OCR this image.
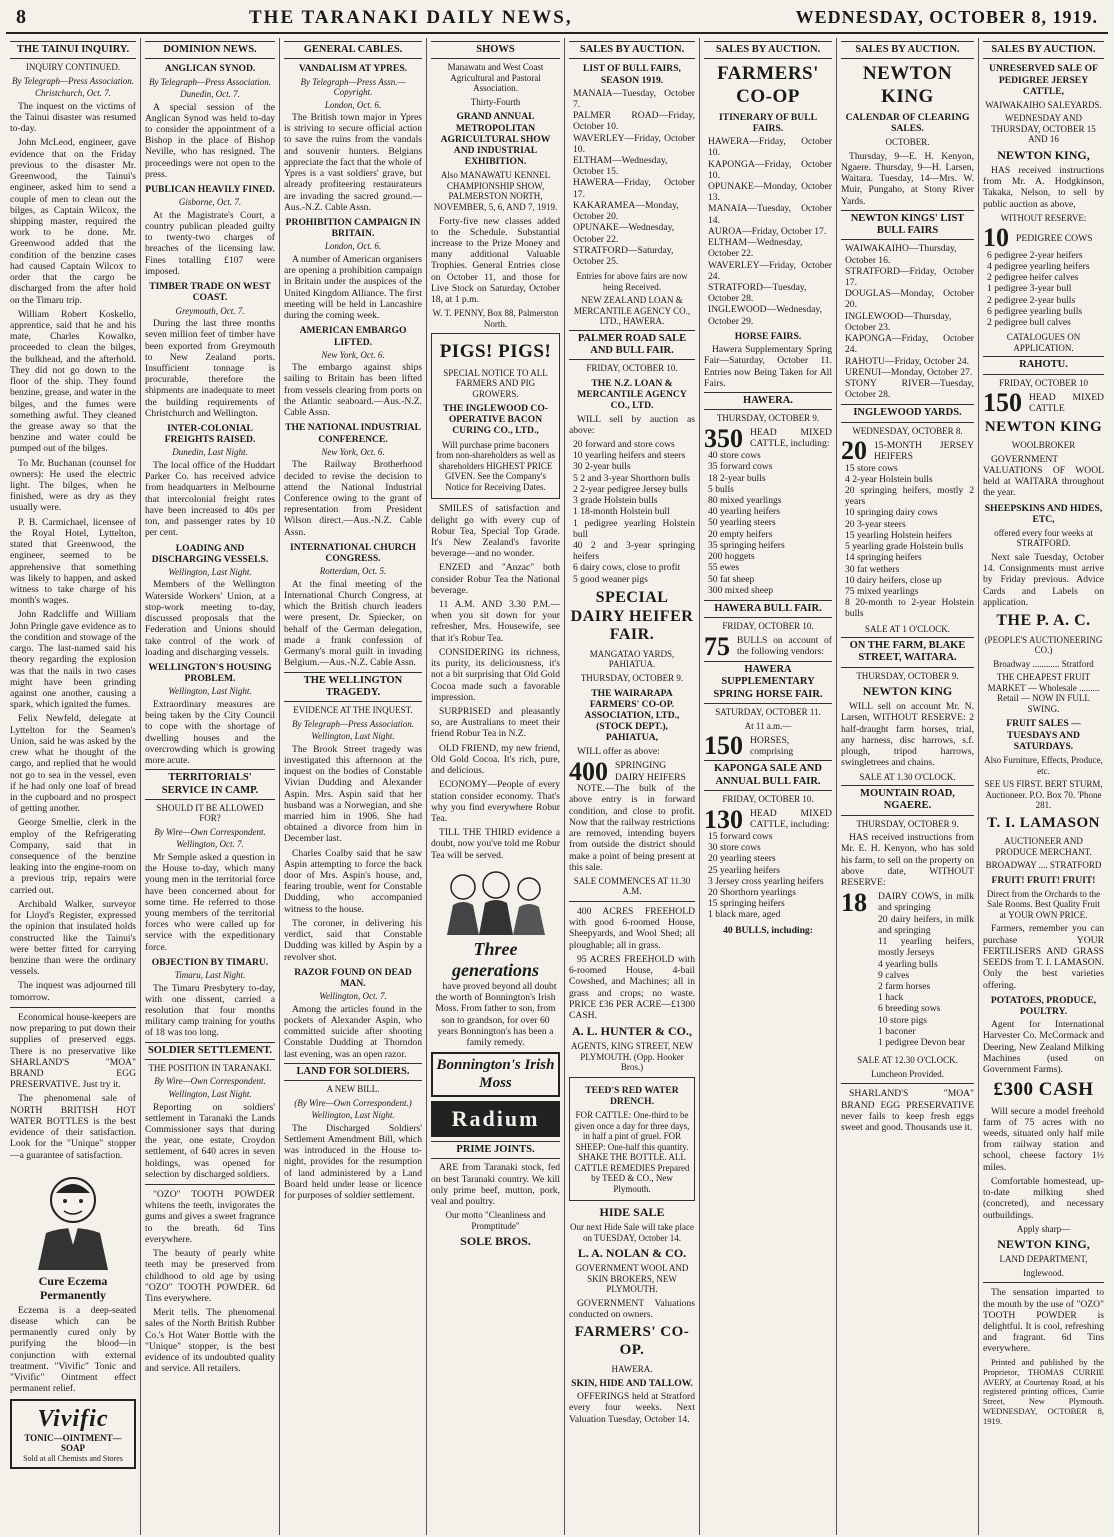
8	THE TARANAKI DAILY NEWS,	WEDNESDAY, OCTOBER 8, 1919.
THE TAINUI INQUIRY.
INQUIRY CONTINUED.
By Telegraph—Press Association.
Christchurch, Oct. 7.

The inquest on the victims of the Tainui disaster was resumed to-day.

John McLeod, engineer, gave evidence that on the Friday previous to the disaster Mr. Greenwood, the Tainui's engineer, asked him to send a couple of men to clean out the bilges, as Captain Wilcox, the shipping master, required the work to be done. Mr. Greenwood added that the condition of the benzine cases had caused Captain Wilcox to order that the cargo be discharged from the after hold on the Timaru trip.

William Robert Koskello, apprentice, said that he and his mate, Charles Kowalko, proceeded to clean the bilges, the bulkhead, and the afterhold. They did not go down to the floor of the ship. They found benzine, grease, and water in the bilges, and the fumes were something awful. They cleaned the grease away so that the benzine and water could be pumped out of the bilges.

To Mr. Buchanan (counsel for owners): He used the electric light. The bilges, when he finished, were as dry as they usually were.

P. B. Carmichael, licensee of the Royal Hotel, Lyttelton, stated that Greenwood, the engineer, seemed to be apprehensive that something was likely to happen, and asked witness to take charge of his month's wages.

John Radcliffe and William John Pringle gave evidence as to the condition and stowage of the cargo. The last-named said his theory regarding the explosion was that the nails in two cases might have been grinding against one another, causing a spark, which ignited the fumes.

Felix Newfeld, delegate at Lyttelton for the Seamen's Union, said he was asked by the crew what he thought of the cargo, and replied that he would not go to sea in the vessel, even if he had only one loaf of bread in the cupboard and no prospect of getting another.

George Smellie, clerk in the employ of the Refrigerating Company, said that in consequence of the benzine leaking into the engine-room on a previous trip, repairs were carried out.

Archibald Walker, surveyor for Lloyd's Register, expressed the opinion that insulated holds constructed like the Tainui's were better fitted for carrying benzine than were the ordinary vessels.

The inquest was adjourned till tomorrow.

Economical house-keepers are now preparing to put down their supplies of preserved eggs. There is no preservative like SHARLAND'S "MOA" BRAND EGG PRESERVATIVE. Just try it.

The phenomenal sale of NORTH BRITISH HOT WATER BOTTLES is the best evidence of their satisfaction. Look for the "Unique" stopper—a guarantee of satisfaction.

Cure Eczema Permanently

Eczema is a deep-seated disease which can be permanently cured only by purifying the blood—in conjunction with external treatment. "Vivific" Tonic and "Vivific" Ointment effect permanent relief.

Vivific
TONIC—OINTMENT—SOAP
Sold at all Chemists and Stores
DOMINION NEWS.
ANGLICAN SYNOD.
By Telegraph—Press Association.
Dunedin, Oct. 7.

A special session of the Anglican Synod was held to-day to consider the appointment of a Bishop in the place of Bishop Neville, who has resigned. The proceedings were not open to the press.

PUBLICAN HEAVILY FINED.
Gisborne, Oct. 7.

At the Magistrate's Court, a country publican pleaded guilty to twenty-two charges of breaches of the licensing law. Fines totalling £107 were imposed.

TIMBER TRADE ON WEST COAST.
Greymouth, Oct. 7.

During the last three months seven million feet of timber have been exported from Greymouth to New Zealand ports. Insufficient tonnage is procurable, therefore the shipments are inadequate to meet the building requirements of Christchurch and Wellington.

INTER-COLONIAL FREIGHTS RAISED.
Dunedin, Last Night.

The local office of the Huddart Parker Co. has received advice from headquarters in Melbourne that intercolonial freight rates have been increased to 40s per ton, and passenger rates by 10 per cent.

LOADING AND DISCHARGING VESSELS.
Wellington, Last Night.

Members of the Wellington Waterside Workers' Union, at a stop-work meeting to-day, discussed proposals that the Federation and Unions should take control of the work of loading and discharging vessels.

WELLINGTON'S HOUSING PROBLEM.
Wellington, Last Night.

Extraordinary measures are being taken by the City Council to cope with the shortage of dwelling houses and the overcrowding which is growing more acute.

TERRITORIALS' SERVICE IN CAMP.
SHOULD IT BE ALLOWED FOR?
By Wire—Own Correspondent.
Wellington, Oct. 7.

Mr Semple asked a question in the House to-day, which many young men in the territorial force have been concerned about for some time. He referred to those young members of the territorial forces who were called up for service with the expeditionary force.

OBJECTION BY TIMARU.
Timaru, Last Night.

The Timaru Presbytery to-day, with one dissent, carried a resolution that four months military camp training for youths of 18 was too long.

SOLDIER SETTLEMENT.
THE POSITION IN TARANAKI.
By Wire—Own Correspondent.
Wellington, Last Night.

Reporting on soldiers' settlement in Taranaki the Lands Commissioner says that during the year, one estate, Croydon settlement, of 640 acres in seven holdings, was opened for selection by discharged soldiers.

"OZO" TOOTH POWDER whitens the teeth, invigorates the gums and gives a sweet fragrance to the breath. 6d Tins everywhere.

The beauty of pearly white teeth may be preserved from childhood to old age by using "OZO" TOOTH POWDER. 6d Tins everywhere.

Merit tells. The phenomenal sales of the North British Rubber Co.'s Hot Water Bottle with the "Unique" stopper, is the best evidence of its undoubted quality and service. All retailers.

GENERAL CABLES.
VANDALISM AT YPRES.
By Telegraph—Press Assn.—Copyright.
London, Oct. 6.

The British town major in Ypres is striving to secure official action to save the ruins from the vandals and souvenir hunters. Belgians appreciate the fact that the whole of Ypres is a vast soldiers' grave, but already profiteering restaurateurs are invading the sacred ground.—Aus.-N.Z. Cable Assn.

PROHIBITION CAMPAIGN IN BRITAIN.
London, Oct. 6.

A number of American organisers are opening a prohibition campaign in Britain under the auspices of the United Kingdom Alliance. The first meeting will be held in Lancashire during the coming week.

AMERICAN EMBARGO LIFTED.
New York, Oct. 6.

The embargo against ships sailing to Britain has been lifted from vessels clearing from ports on the Atlantic seaboard.—Aus.-N.Z. Cable Assn.

THE NATIONAL INDUSTRIAL CONFERENCE.
New York, Oct. 6.

The Railway Brotherhood decided to revise the decision to attend the National Industrial Conference owing to the grant of representation from President Wilson direct.—Aus.-N.Z. Cable Assn.

INTERNATIONAL CHURCH CONGRESS.
Rotterdam, Oct. 5.

At the final meeting of the International Church Congress, at which the British church leaders were present, Dr. Spiecker, on behalf of the German delegation, made a frank confession of Germany's moral guilt in invading Belgium.—Aus.-N.Z. Cable Assn.

THE WELLINGTON TRAGEDY.
EVIDENCE AT THE INQUEST.
By Telegraph—Press Association.
Wellington, Last Night.

The Brook Street tragedy was investigated this afternoon at the inquest on the bodies of Constable Vivian Dudding and Alexander Aspin. Mrs. Aspin said that her husband was a Norwegian, and she married him in 1906. She had obtained a divorce from him in December last.

Charles Coalby said that he saw Aspin attempting to force the back door of Mrs. Aspin's house, and, fearing trouble, went for Constable Dudding, who accompanied witness to the house.

The coroner, in delivering his verdict, said that Constable Dudding was killed by Aspin by a revolver shot.

RAZOR FOUND ON DEAD MAN.
Wellington, Oct. 7.

Among the articles found in the pockets of Alexander Aspin, who committed suicide after shooting Constable Dudding at Thorndon last evening, was an open razor.

LAND FOR SOLDIERS.
A NEW BILL.
(By Wire—Own Correspondent.)
Wellington, Last Night.

The Discharged Soldiers' Settlement Amendment Bill, which was introduced in the House to-night, provides for the resumption of land administered by a Land Board held under lease or licence for purposes of soldier settlement.

SHOWS
Manawatu and West Coast Agricultural and Pastoral Association.
Thirty-Fourth
GRAND ANNUAL METROPOLITAN AGRICULTURAL SHOW AND INDUSTRIAL EXHIBITION.
Also MANAWATU KENNEL CHAMPIONSHIP SHOW, PALMERSTON NORTH, NOVEMBER, 5, 6, AND 7, 1919.

Forty-five new classes added to the Schedule. Substantial increase to the Prize Money and many additional Valuable Trophies. General Entries close on October 11, and those for Live Stock on Saturday, October 18, at 1 p.m.

W. T. PENNY, Box 88, Palmerston North.
PIGS! PIGS!
SPECIAL NOTICE TO ALL FARMERS AND PIG GROWERS.
THE INGLEWOOD CO-OPERATIVE BACON CURING CO., LTD.,
Will purchase prime baconers from non-shareholders as well as shareholders HIGHEST PRICE GIVEN. See the Company's Notice for Receiving Dates.

SMILES of satisfaction and delight go with every cup of Robur Tea, Special Top Grade. It's New Zealand's favorite beverage—and no wonder.

ENZED and "Anzac" both consider Robur Tea the National beverage.

11 A.M. AND 3.30 P.M.—when you sit down for your refresher, Mrs. Housewife, see that it's Robur Tea.

CONSIDERING its richness, its purity, its deliciousness, it's not a bit surprising that Old Gold Cocoa made such a favorable impression.

SURPRISED and pleasantly so, are Australians to meet their friend Robur Tea in N.Z.

OLD FRIEND, my new friend, Old Gold Cocoa. It's rich, pure, and delicious.

ECONOMY—People of every station consider economy. That's why you find everywhere Robur Tea.

TILL THE THIRD evidence a doubt, now you've told me Robur Tea will be served.

Three generations

have proved beyond all doubt the worth of Bonnington's Irish Moss. From father to son, from son to grandson, for over 60 years Bonnington's has been a family remedy.

Bonnington's Irish Moss
Radium
PRIME JOINTS.

ARE from Taranaki stock, fed on best Taranaki country. We kill only prime beef, mutton, pork, veal and poultry.

Our motto "Cleanliness and Promptitude"
SOLE BROS.
SALES BY AUCTION.
LIST OF BULL FAIRS, SEASON 1919.
MANAIA—Tuesday, October 7.
PALMER ROAD—Friday, October 10.
WAVERLEY—Friday, October 10.
ELTHAM—Wednesday, October 15.
HAWERA—Friday, October 17.
KAKARAMEA—Monday, October 20.
OPUNAKE—Wednesday, October 22.
STRATFORD—Saturday, October 25.
Entries for above fairs are now being Received.
NEW ZEALAND LOAN & MERCANTILE AGENCY CO., LTD., HAWERA.
PALMER ROAD SALE AND BULL FAIR.
FRIDAY, OCTOBER 10.
THE N.Z. LOAN & MERCANTILE AGENCY CO., LTD.

WILL sell by auction as above:

20 forward and store cows
10 yearling heifers and steers
30 2-year bulls
5 2 and 3-year Shorthorn bulls
2 2-year pedigree Jersey bulls
3 grade Holstein bulls
1 18-month Holstein bull
1 pedigree yearling Holstein bull
40 2 and 3-year springing heifers
6 dairy cows, close to profit
5 good weaner pigs
SPECIAL DAIRY HEIFER FAIR.
MANGATAO YARDS, PAHIATUA.
THURSDAY, OCTOBER 9.
THE WAIRARAPA FARMERS' CO-OP. ASSOCIATION, LTD., (STOCK DEPT.), PAHIATUA,

WILL offer as above:

400 SPRINGING DAIRY HEIFERS

NOTE.—The bulk of the above entry is in forward condition, and close to profit. Now that the railway restrictions are removed, intending buyers from outside the district should make a point of being present at this sale.

SALE COMMENCES AT 11.30 A.M.

400 ACRES FREEHOLD with good 6-roomed House, Sheepyards, and Wool Shed; all ploughable; all in grass.

95 ACRES FREEHOLD with 6-roomed House, 4-bail Cowshed, and Machines; all in grass and crops; no waste. PRICE £36 PER ACRE—£1300 CASH.

A. L. HUNTER & CO.,
AGENTS, KING STREET, NEW PLYMOUTH. (Opp. Hooker Bros.)
TEED'S RED WATER DRENCH.
FOR CATTLE: One-third to be given once a day for three days, in half a pint of gruel. FOR SHEEP: One-half this quantity. SHAKE THE BOTTLE. ALL CATTLE REMEDIES Prepared by TEED & CO., New Plymouth.
HIDE SALE
Our next Hide Sale will take place on TUESDAY, October 14.
L. A. NOLAN & CO.
GOVERNMENT WOOL AND SKIN BROKERS, NEW PLYMOUTH.

GOVERNMENT Valuations conducted on owners.

FARMERS' CO-OP.
HAWERA.
SKIN, HIDE AND TALLOW.

OFFERINGS held at Stratford every four weeks. Next Valuation Tuesday, October 14.

SALES BY AUCTION.
FARMERS' CO-OP
ITINERARY OF BULL FAIRS.
HAWERA—Friday, October 10.
KAPONGA—Friday, October 10.
OPUNAKE—Monday, October 13.
MANAIA—Tuesday, October 14.
AUROA—Friday, October 17.
ELTHAM—Wednesday, October 22.
WAVERLEY—Friday, October 24.
STRATFORD—Tuesday, October 28.
INGLEWOOD—Wednesday, October 29.
HORSE FAIRS.

Hawera Supplementary Spring Fair—Saturday, October 11. Entries now Being Taken for All Fairs.

HAWERA.
THURSDAY, OCTOBER 9.
350 HEAD MIXED CATTLE, including:
40 store cows
35 forward cows
18 2-year bulls
5 bulls
80 mixed yearlings
40 yearling heifers
50 yearling steers
20 empty heifers
35 springing heifers
200 hoggets
55 ewes
50 fat sheep
300 mixed sheep
HAWERA BULL FAIR.
FRIDAY, OCTOBER 10.
75 BULLS on account of the following vendors:
HAWERA SUPPLEMENTARY SPRING HORSE FAIR.
SATURDAY, OCTOBER 11.
At 11 a.m.—
150 HORSES, comprising
KAPONGA SALE AND ANNUAL BULL FAIR.
FRIDAY, OCTOBER 10.
130 HEAD MIXED CATTLE, including:
15 forward cows
30 store cows
20 yearling steers
25 yearling heifers
3 Jersey cross yearling heifers
20 Shorthorn yearlings
15 springing heifers
1 black mare, aged
40 BULLS, including:
SALES BY AUCTION.
NEWTON KING
CALENDAR OF CLEARING SALES.
OCTOBER.

Thursday, 9—E. H. Kenyon, Ngaere. Thursday, 9—H. Larsen, Waitara. Tuesday, 14—Mrs. W. Muir, Pungaho, at Stony River Yards.

NEWTON KINGS' LIST BULL FAIRS
WAIWAKAIHO—Thursday, October 16.
STRATFORD—Friday, October 17.
DOUGLAS—Monday, October 20.
INGLEWOOD—Thursday, October 23.
KAPONGA—Friday, October 24.
RAHOTU—Friday, October 24.
URENUI—Monday, October 27.
STONY RIVER—Tuesday, October 28.
INGLEWOOD YARDS.
WEDNESDAY, OCTOBER 8.
20 15-MONTH JERSEY HEIFERS
15 store cows
4 2-year Holstein bulls
20 springing heifers, mostly 2 years
10 springing dairy cows
20 3-year steers
15 yearling Holstein heifers
5 yearling grade Holstein bulls
14 springing heifers
30 fat wethers
10 dairy heifers, close up
75 mixed yearlings
8 20-month to 2-year Holstein bulls
SALE AT 1 O'CLOCK.
ON THE FARM, BLAKE STREET, WAITARA.
THURSDAY, OCTOBER 9.
NEWTON KING

WILL sell on account Mr. N. Larsen, WITHOUT RESERVE: 2 half-draught farm horses, trial, any harness, disc harrows, s.f. plough, tripod harrows, swingletrees and chains.

SALE AT 1.30 O'CLOCK.
MOUNTAIN ROAD, NGAERE.
THURSDAY, OCTOBER 9.

HAS received instructions from Mr. E. H. Kenyon, who has sold his farm, to sell on the property on above date, WITHOUT RESERVE:

18	DAIRY COWS, in milk and springing
20 dairy heifers, in milk and springing
11 yearling heifers, mostly Jerseys
4 yearling bulls
9 calves
2 farm horses
1 hack
6 breeding sows
10 store pigs
1 baconer
1 pedigree Devon bear
SALE AT 12.30 O'CLOCK.
Luncheon Provided.

SHARLAND'S "MOA" BRAND EGG PRESERVATIVE never fails to keep fresh eggs sweet and good. Thousands use it.

SALES BY AUCTION.
UNRESERVED SALE OF PEDIGREE JERSEY CATTLE,
WAIWAKAIHO SALEYARDS.
WEDNESDAY AND THURSDAY, OCTOBER 15 AND 16
NEWTON KING,

HAS received instructions from Mr. A. Hodgkinson, Takaka, Nelson, to sell by public auction as above,

WITHOUT RESERVE:
10 PEDIGREE COWS
6 pedigree 2-year heifers
4 pedigree yearling heifers
2 pedigree heifer calves
1 pedigree 3-year bull
2 pedigree 2-year bulls
6 pedigree yearling bulls
2 pedigree bull calves
CATALOGUES ON APPLICATION.
RAHOTU.
FRIDAY, OCTOBER 10
150 HEAD MIXED CATTLE
NEWTON KING
WOOLBROKER

GOVERNMENT VALUATIONS OF WOOL held at WAITARA throughout the year.

SHEEPSKINS AND HIDES, ETC,
offered every four weeks at STRATFORD.

Next sale Tuesday, October 14. Consignments must arrive by Friday previous. Advice Cards and Labels on application.

THE P. A. C.
(PEOPLE'S AUCTIONEERING CO.)
Broadway ............ Stratford
THE CHEAPEST FRUIT MARKET — Wholesale ......... Retail — NOW IN FULL SWING.
FRUIT SALES — TUESDAYS AND SATURDAYS.
Also Furniture, Effects, Produce, etc.
SEE US FIRST. BERT STURM, Auctioneer. P.O. Box 70. 'Phone 281.
T. I. LAMASON
AUCTIONEER AND PRODUCE MERCHANT.
BROADWAY .... STRATFORD
FRUIT! FRUIT! FRUIT!
Direct from the Orchards to the Sale Rooms. Best Quality Fruit at YOUR OWN PRICE.

Farmers, remember you can purchase YOUR FERTILISERS AND GRASS SEEDS from T. I. LAMASON. Only the best varieties offering.

POTATOES, PRODUCE, POULTRY.

Agent for International Harvester Co. McCormack and Deering, New Zealand Milking Machines (used on Government Farms).

£300 CASH

Will secure a model freehold farm of 75 acres with no weeds, situated only half mile from railway station and school, cheese factory 1½ miles.

Comfortable homestead, up-to-date milking shed (concreted), and necessary outbuildings.

Apply sharp—
NEWTON KING,
LAND DEPARTMENT,
Inglewood.

The sensation imparted to the mouth by the use of "OZO" TOOTH POWDER is delightful. It is cool, refreshing and fragrant. 6d Tins everywhere.

Printed and published by the Proprietor, THOMAS CURRIE AVERY, at Courtenay Road, at his registered printing offices, Currie Street, New Plymouth. WEDNESDAY, OCTOBER 8, 1919.
